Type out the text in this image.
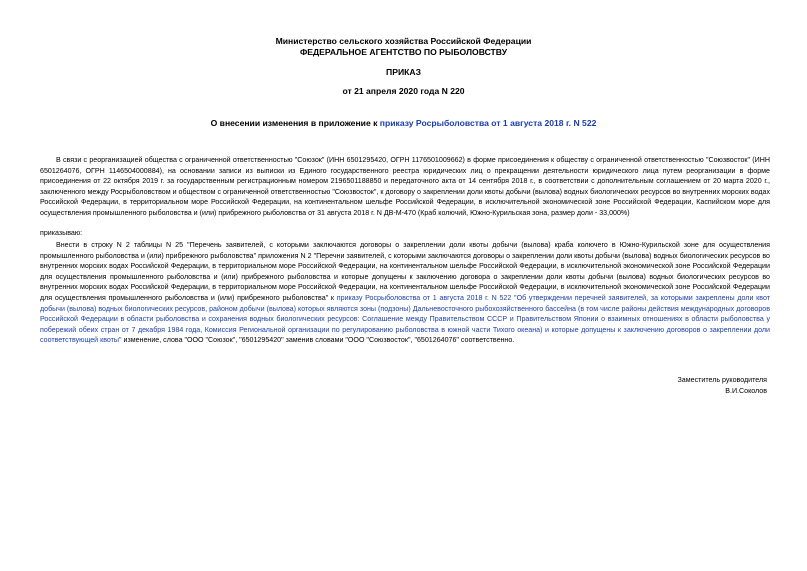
Министерство сельского хозяйства Российской Федерации
ФЕДЕРАЛЬНОЕ АГЕНТСТВО ПО РЫБОЛОВСТВУ
ПРИКАЗ
от 21 апреля 2020 года N 220
О внесении изменения в приложение к приказу Росрыболовства от 1 августа 2018 г. N 522
В связи с реорганизацией общества с ограниченной ответственностью "Союзок" (ИНН 6501295420, ОГРН 1176501009662) в форме присоединения к обществу с ограниченной ответственностью "Союзвосток" (ИНН 6501264076, ОГРН 1146504000884), на основании записи из выписки из Единого государственного реестра юридических лиц о прекращении деятельности юридического лица путем реорганизации в форме присоединения от 22 октября 2019 г. за государственным регистрационным номером 2196501188850 и передаточного акта от 14 сентября 2018 г., в соответствии с дополнительным соглашением от 20 марта 2020 г., заключенного между Росрыболовством и обществом с ограниченной ответственностью "Союзвосток", к договору о закреплении доли квоты добычи (вылова) водных биологических ресурсов во внутренних морских водах Российской Федерации, в территориальном море Российской Федерации, на континентальном шельфе Российской Федерации, в исключительной экономической зоне Российской Федерации, Каспийском море для осуществления промышленного рыболовства и (или) прибрежного рыболовства от 31 августа 2018 г. N ДВ-М-470 (Краб колючий, Южно-Курильская зона, размер доли - 33,000%)
приказываю:
Внести в строку N 2 таблицы N 25 "Перечень заявителей, с которыми заключаются договоры о закреплении доли квоты добычи (вылова) краба колючего в Южно-Курильской зоне для осуществления промышленного рыболовства и (или) прибрежного рыболовства" приложения N 2 "Перечни заявителей, с которыми заключаются договоры о закреплении доли квоты добычи (вылова) водных биологических ресурсов во внутренних морских водах Российской Федерации, в территориальном море Российской Федерации, на континентальном шельфе Российской Федерации, в исключительной экономической зоне Российской Федерации для осуществления промышленного рыболовства и (или) прибрежного рыболовства и которые допущены к заключению договора о закреплении доли квоты добычи (вылова) водных биологических ресурсов во внутренних морских водах Российской Федерации, в территориальном море Российской Федерации, на континентальном шельфе Российской Федерации, в исключительной экономической зоне Российской Федерации для осуществления промышленного рыболовства и (или) прибрежного рыболовства" к приказу Росрыболовства от 1 августа 2018 г. N 522 "Об утверждении перечней заявителей, за которыми закреплены доли квот добычи (вылова) водных биологических ресурсов, районом добычи (вылова) которых являются зоны (подзоны) Дальневосточного рыбохозяйственного бассейна (в том числе районы действия международных договоров Российской Федерации в области рыболовства и сохранения водных биологических ресурсов: Соглашение между Правительством СССР и Правительством Японии о взаимных отношениях в области рыболовства у побережий обеих стран от 7 декабря 1984 года, Комиссия Региональной организации по регулированию рыболовства в южной части Тихого океана) и которые допущены к заключению договоров о закреплении доли соответствующей квоты" изменение, слова "ООО "Союзок", "6501295420" заменив словами "ООО "Союзвосток", "6501264076" соответственно.
Заместитель руководителя
В.И.Соколов
